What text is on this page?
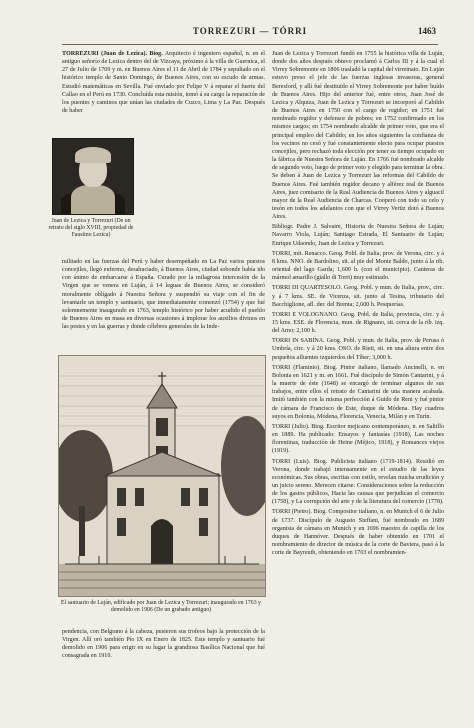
TORREZURI — TÓRRI	1463

TORREZURI (Juan de Lezica). Biog. Arquitecto é ingeniero español, n. en el antiguo señorío de Lezica dentro del de Vizcaya, próximo á la villa de Guernica, el 27 de Julio de 1709 y m. en Buenos Aires el 11 de Abril de 1784 y sepultado en el histórico templo de Santo Domingo, de Buenos Aires, con su escudo de armas. Estudió matemáticas en Sevilla. Fué enviado por Felipe V á reparar el fuerte del Callao en el Perú en 1730. Concluída esta misión, tomó á su cargo la reparación de los puentes y caminos que unían las ciudades de Cuzco, Lima y La Paz. Después de haber

Juan de Lezica y Torrezuri (De un retrato del siglo XVIII, propiedad de Faustino Lezica)

militado en las fuerzas del Perú y haber desempeñado en La Paz varios puestos concejiles, llegó enfermo, desahuciado, á Buenos Aires, ciudad sobonde había ido con ánimo de embarcarse á España. Curado por la milagrosa intercesión de la Virgen que se venera en Luján, á 14 leguas de Buenos Aires, se consideró moralmente obligado á Nuestra Señora y suspendió su viaje con el fin de levantarle un templo y santuario, que inmediatamente comenzó (1754) y que fué solemnemente inaugurado en 1763, templo histórico por haber acudido el pueblo de Buenos Aires en masa en diversas ocasiones á implorar los auxilios divinos en las pestes y en las guerras y donde célebres generales de la Inde-

El santuario de Luján, edificado por Juan de Lezica y Torrezuri; inaugurado en 1763 y demolido en 1906 (De un grabado antiguo)

pendencia, con Belgrano á la cabeza, pusieron sus trofeos bajo la protección de la Virgen. Allí oró también Pío IX en Enero de 1825. Este templo y santuario fué demolido en 1906 para erigir en su lugar la grandiosa Basílica Nacional que fué consagrada en 1910.

Juan de Lezica y Torrezuri fundó en 1755 la histórica villa de Luján, donde dos años después obtuvo proclamó á Carlos III y á la cual el Virrey Sobremonte en 1806 trasladó la capital del virreinato. En Luján estuvo preso el jefe de las fuerzas inglesas invasoras, general Beresford, y allí fué destituido el Virrey Sobremonte por haber huído de Buenos Aires. Hijo del anterior fué, entre otros, Juan José de Lezica y Alquiza, Juan de Lezica y Torrezuri se incorporó al Cabildo de Buenos Aires en 1750 con el cargo de regidor; en 1751 fué nombrado regidor y defensor de pobres; en 1752 confirmado en los mismos cargos; en 1754 nombrado alcalde de primer voto, que era el principal empleo del Cabildo; en los años siguientes la confianza de los vecinos no cesó y fué constantemente electo para ocupar puestos concejiles, pero rechazó toda elección por tener su tiempo ocupado en la fábrica de Nuestra Señora de Luján. En 1766 fué nombrado alcalde de segundo voto, luego de primer voto y elegido para terminar la obra. Se deben á Juan de Lezica y Torrezuri las reformas del Cabildo de Buenos Aires. Fué también regidor decano y alférez real de Buenos Aires, juez comisario de la Real Audiencia de Buenos Aires y alguacil mayor de la Real Audiencia de Charcas. Cooperó con todo su celo y tesón en todos los adelantos con que el Virrey Vertiz dotó á Buenos Aires.

Bibliogr. Padre J. Salvaire, Historia de Nuestra Señora de Luján; Navarro Viola, Luján; Santiago Estrada, El Santuario de Luján; Enrique Udaondo, Juan de Lezica y Torrezuri.

TORRI, mit. Renacco. Geog. Pobl. de Italia, prov. de Verona, circ. y á 8 kms. NNO. de Bardolino, sit. al pie del Monte Baldo, junto á la rib. oriental del lago Garda; 1,600 h. (con el municipio). Canteras de mármol amarillo (giallo di Torri) muy estimado.

TORRI DI QUARTESOLO. Geog. Pobl. y mun. de Italia, prov., circ. y á 7 kms. SE. de Vicenza, sit. junto al Tesina, tributario del Bacchiglione, afl. der. del Brenta; 2,600 h. Pesquerías.

TORRI E VOLOGNANO. Geog. Pobl. de Italia, provincia, circ. y á 15 kms. ESE. de Florencia, mun. de Rignano, sit. cerca de la rib. izq. del Arno; 2,100 h.

TORRI IN SABINA. Geog. Pobl. y mun. de Italia, prov. de Perusa ó Umbría, circ. y á 20 kms. OSO. de Rieti, sit. en una altura entre dos pequeños afluentes izquierdos del Tíber; 3,000 h.

TORRI (Flaminio). Biog. Pintor italiano, llamado Ancinelli, n. en Bolonia en 1621 y m. en 1661. Fué discípulo de Simón Cantarini, y á la muerte de éste (1648) se encargó de terminar algunos de sus trabajos, entre ellos el retrato de Cantarini de una manera acabada. Imitó también con la misma perfección á Guido de Reni y fué pintor de cámara de Francisco de Este, duque de Módena. Hay cuadros suyos en Bolonia, Módena, Florencia, Venecia, Milán y en Turín.

TORRI (Julio). Biog. Escritor mejicano contemporáneo, n. en Saltillo en 1889. Ha publicado: Ensayos y fantasías (1918), Las noches florentinas, traducción de Heine (Méjico, 1918), y Romances viejos (1919).

TORRI (Luis). Biog. Publicista italiano (1719-1814). Residió en Verona, donde trabajó intensamente en el estudio de las leyes económicas. Sus obras, escritas con estilo, revelan mucha erudición y un juicio sereno. Merecen citarse: Consideraciones sobre la reducción de los gastos públicos, Hacia las causas que perjudican el comercio (1758), y La corrupción del arte y de la literatura del comercio (1778).

TORRI (Pietro). Biog. Compositor italiano, n. en Munich el 6 de Julio de 1737. Discípulo de Augusto Steffani, fué nombrado en 1689 organista de cámara en Munich y en 1696 maestro de capilla de los duques de Hannóver. Después de haber obtenido en 1701 el nombramiento de director de música de la corte de Baviera, pasó á la corte de Bayreuth, obteniendo en 1703 el nombramien-
